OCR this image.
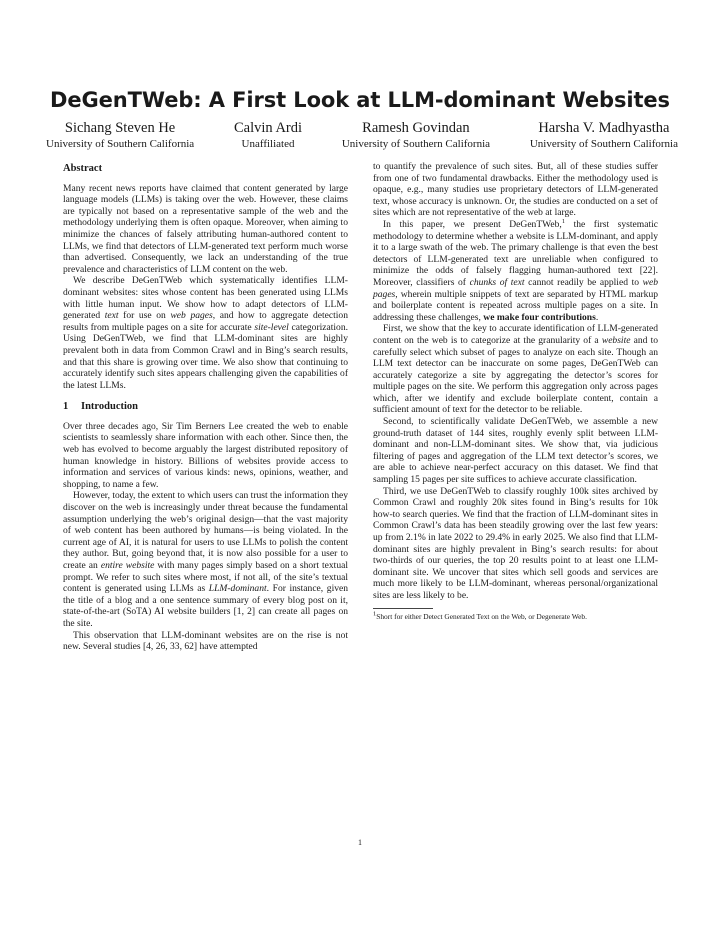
DeGenTWeb: A First Look at LLM-dominant Websites
Sichang Steven He
University of Southern California
Calvin Ardi
Unaffiliated
Ramesh Govindan
University of Southern California
Harsha V. Madhyastha
University of Southern California
Abstract

Many recent news reports have claimed that content generated by large language models (LLMs) is taking over the web. However, these claims are typically not based on a representative sample of the web and the methodology underlying them is often opaque. Moreover, when aiming to minimize the chances of falsely attributing human-authored content to LLMs, we find that detectors of LLM-generated text perform much worse than advertised. Consequently, we lack an understanding of the true prevalence and characteristics of LLM content on the web.

We describe DeGenTWeb which systematically identifies LLM-dominant websites: sites whose content has been generated using LLMs with little human input. We show how to adapt detectors of LLM-generated text for use on web pages, and how to aggregate detection results from multiple pages on a site for accurate site-level categorization. Using DeGenTWeb, we find that LLM-dominant sites are highly prevalent both in data from Common Crawl and in Bing’s search results, and that this share is growing over time. We also show that continuing to accurately identify such sites appears challenging given the capabilities of the latest LLMs.

1 Introduction

Over three decades ago, Sir Tim Berners Lee created the web to enable scientists to seamlessly share information with each other. Since then, the web has evolved to become arguably the largest distributed repository of human knowledge in history. Billions of websites provide access to information and services of various kinds: news, opinions, weather, and shopping, to name a few.

However, today, the extent to which users can trust the information they discover on the web is increasingly under threat because the fundamental assumption underlying the web’s original design—that the vast majority of web content has been authored by humans—is being violated. In the current age of AI, it is natural for users to use LLMs to polish the content they author. But, going beyond that, it is now also possible for a user to create an entire website with many pages simply based on a short textual prompt. We refer to such sites where most, if not all, of the site’s textual content is generated using LLMs as LLM-dominant. For instance, given the title of a blog and a one sentence summary of every blog post on it, state-of-the-art (SoTA) AI website builders [1, 2] can create all pages on the site.

This observation that LLM-dominant websites are on the rise is not new. Several studies [4, 26, 33, 62] have attempted

to quantify the prevalence of such sites. But, all of these studies suffer from one of two fundamental drawbacks. Either the methodology used is opaque, e.g., many studies use proprietary detectors of LLM-generated text, whose accuracy is unknown. Or, the studies are conducted on a set of sites which are not representative of the web at large.

In this paper, we present DeGenTWeb,$^1$ the first systematic methodology to determine whether a website is LLM-dominant, and apply it to a large swath of the web. The primary challenge is that even the best detectors of LLM-generated text are unreliable when configured to minimize the odds of falsely flagging human-authored text [22]. Moreover, classifiers of chunks of text cannot readily be applied to web pages, wherein multiple snippets of text are separated by HTML markup and boilerplate content is repeated across multiple pages on a site. In addressing these challenges, we make four contributions.

First, we show that the key to accurate identification of LLM-generated content on the web is to categorize at the granularity of a website and to carefully select which subset of pages to analyze on each site. Though an LLM text detector can be inaccurate on some pages, DeGenTWeb can accurately categorize a site by aggregating the detector’s scores for multiple pages on the site. We perform this aggregation only across pages which, after we identify and exclude boilerplate content, contain a sufficient amount of text for the detector to be reliable.

Second, to scientifically validate DeGenTWeb, we assemble a new ground-truth dataset of 144 sites, roughly evenly split between LLM-dominant and non-LLM-dominant sites. We show that, via judicious filtering of pages and aggregation of the LLM text detector’s scores, we are able to achieve near-perfect accuracy on this dataset. We find that sampling 15 pages per site suffices to achieve accurate classification.

Third, we use DeGenTWeb to classify roughly 100k sites archived by Common Crawl and roughly 20k sites found in Bing’s results for 10k how-to search queries. We find that the fraction of LLM-dominant sites in Common Crawl’s data has been steadily growing over the last few years: up from 2.1% in late 2022 to 29.4% in early 2025. We also find that LLM-dominant sites are highly prevalent in Bing’s search results: for about two-thirds of our queries, the top 20 results point to at least one LLM-dominant site. We uncover that sites which sell goods and services are much more likely to be LLM-dominant, whereas personal/organizational sites are less likely to be.

$^1$Short for either Detect Generated Text on the Web, or Degenerate Web.
1
